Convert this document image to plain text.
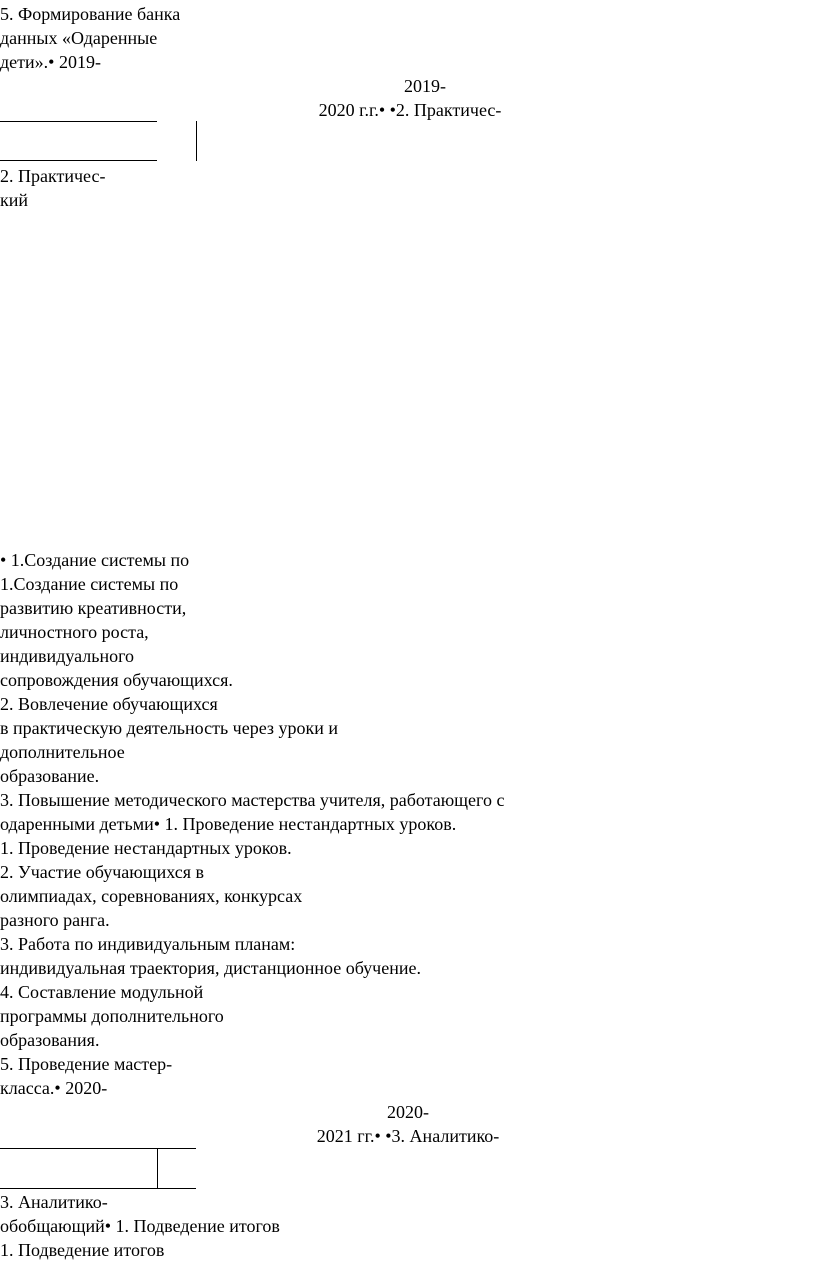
5. Формирование банка
данных «Одаренные
дети».• 2019-
2019-
2020 г.г.• •2. Практичес-
2. Практичес-
кий
• 1.Создание системы по
1.Создание системы по
развитию креативности,
личностного роста,
индивидуального
сопровождения обучающихся.
2. Вовлечение обучающихся
в практическую деятельность через уроки и
дополнительное
образование.
3. Повышение методического мастерства учителя, работающего с
одаренными детьми• 1. Проведение нестандартных уроков.
1. Проведение нестандартных уроков.
2. Участие обучающихся в
олимпиадах, соревнованиях, конкурсах
разного ранга.
3. Работа по индивидуальным планам:
индивидуальная траектория, дистанционное обучение.
4. Составление модульной
программы дополнительного
образования.
5. Проведение мастер-
класса.• 2020-
2020-
2021 гг.• •3. Аналитико-
3. Аналитико-
обобщающий• 1. Подведение итогов
1. Подведение итогов
